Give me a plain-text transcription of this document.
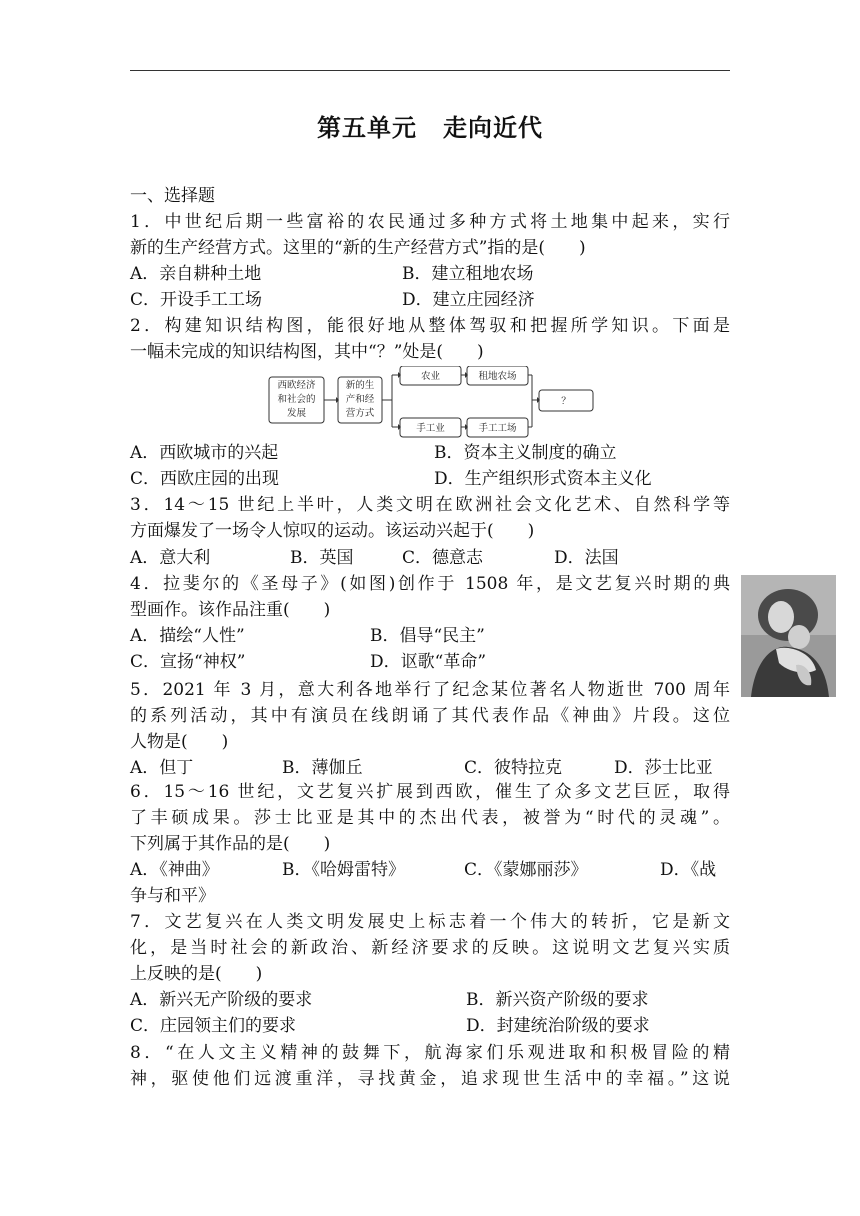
第五单元 走向近代
一、选择题
1．中世纪后期一些富裕的农民通过多种方式将土地集中起来，实行
新的生产经营方式。这里的“新的生产经营方式”指的是(　　)
A．亲自耕种土地	B．建立租地农场
C．开设手工工场	D．建立庄园经济
2．构建知识结构图，能很好地从整体驾驭和把握所学知识。下面是
一幅未完成的知识结构图，其中“？”处是(　　)
西欧经济
和社会的
发展
新的生
产和经
营方式
农业	租地农场
手工业	手工工场
？
A．西欧城市的兴起	B．资本主义制度的确立
C．西欧庄园的出现	D．生产组织形式资本主义化
3．14～15 世纪上半叶，人类文明在欧洲社会文化艺术、自然科学等
方面爆发了一场令人惊叹的运动。该运动兴起于(　　)
A．意大利	B．英国	C．德意志	D．法国
4．拉斐尔的《圣母子》(如图)创作于 1508 年，是文艺复兴时期的典
型画作。该作品注重(　　)
A．描绘“人性”	B．倡导“民主”
C．宣扬“神权”	D．讴歌“革命”
5．2021 年 3 月，意大利各地举行了纪念某位著名人物逝世 700 周年
的系列活动，其中有演员在线朗诵了其代表作品《神曲》片段。这位
人物是(　　)
A．但丁	B．薄伽丘	C．彼特拉克	D．莎士比亚
6．15～16 世纪，文艺复兴扩展到西欧，催生了众多文艺巨匠，取得
了丰硕成果。莎士比亚是其中的杰出代表，被誉为“时代的灵魂”。
下列属于其作品的是(　　)
A．《神曲》	B．《哈姆雷特》	C．《蒙娜丽莎》	D．《战
争与和平》
7．文艺复兴在人类文明发展史上标志着一个伟大的转折，它是新文
化，是当时社会的新政治、新经济要求的反映。这说明文艺复兴实质
上反映的是(　　)
A．新兴无产阶级的要求	B．新兴资产阶级的要求
C．庄园领主们的要求	D．封建统治阶级的要求
8．“在人文主义精神的鼓舞下，航海家们乐观进取和积极冒险的精
神，驱使他们远渡重洋，寻找黄金，追求现世生活中的幸福。”这说
